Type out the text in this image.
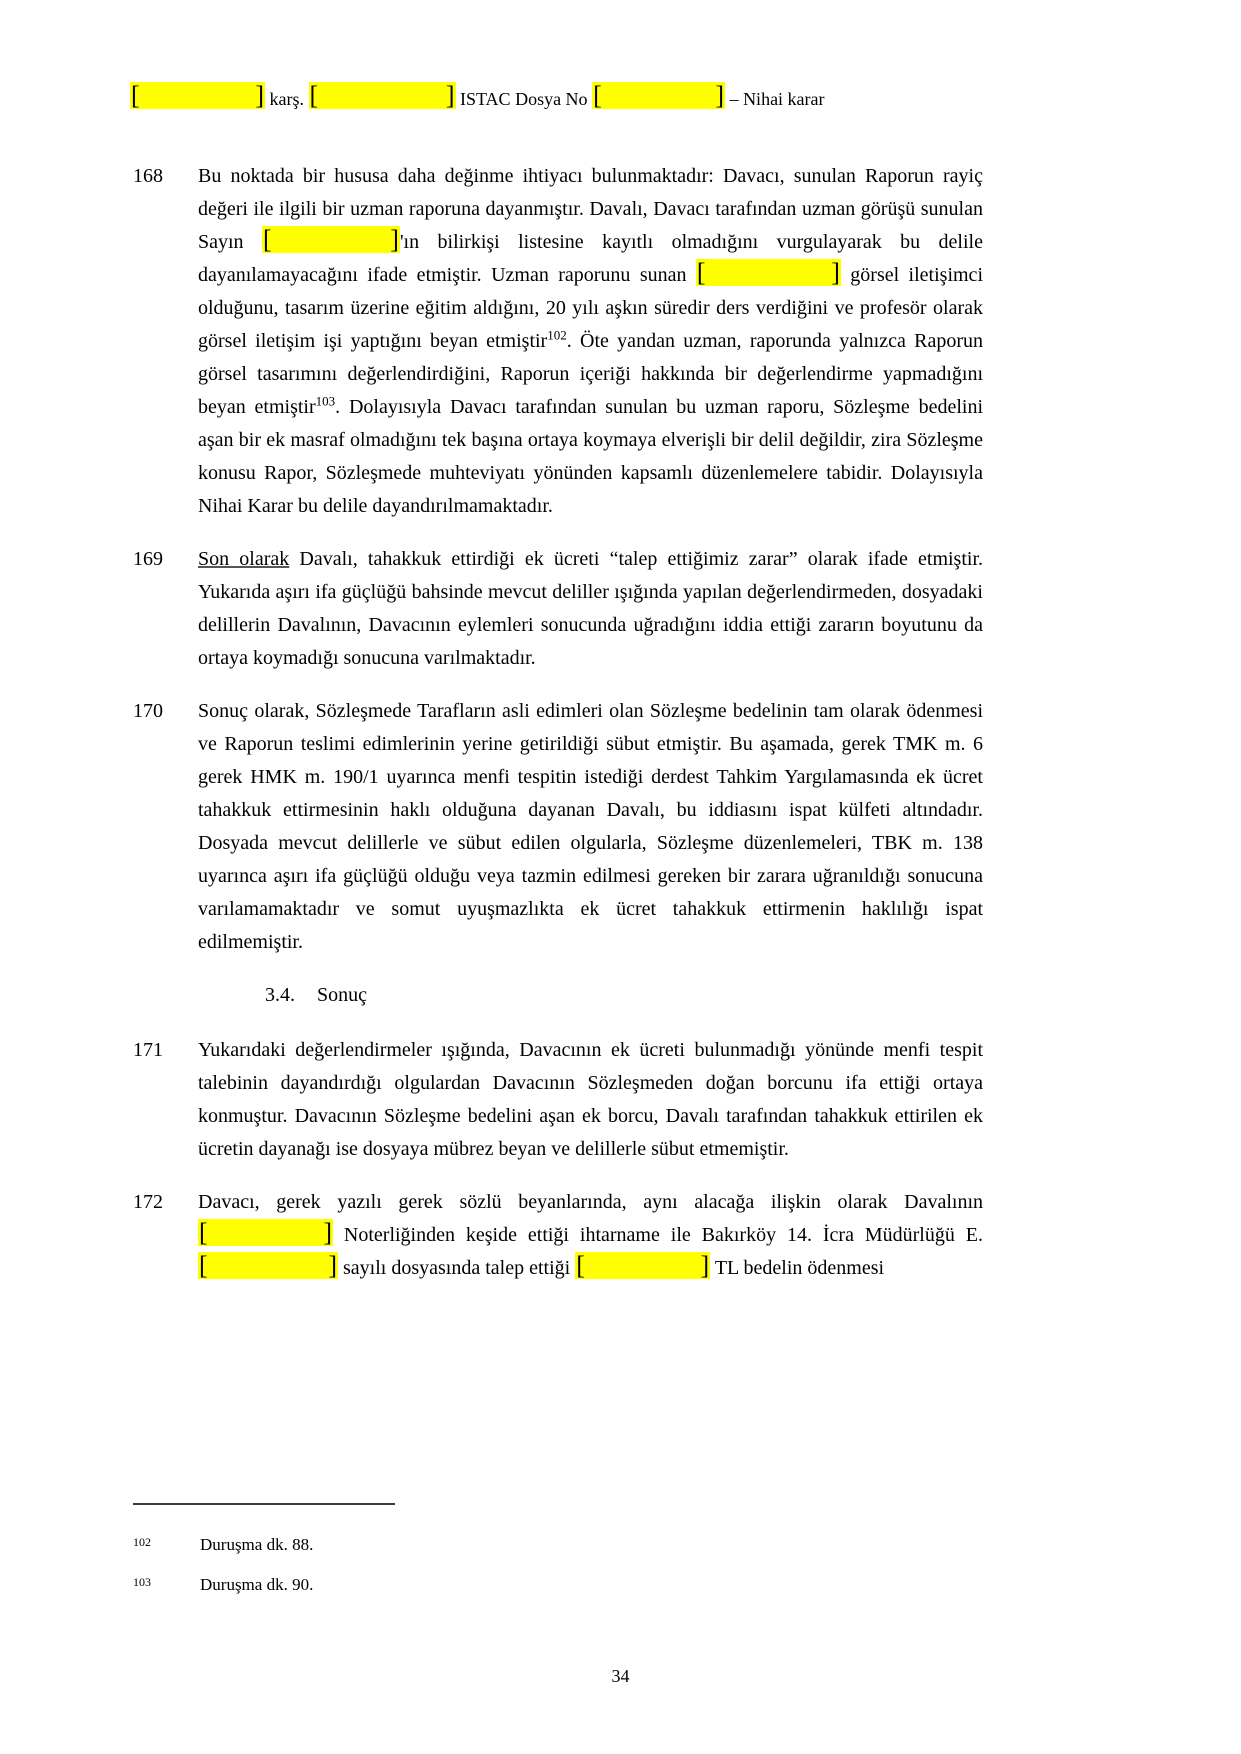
[	] karş. [	] ISTAC Dosya No [	] – Nihai karar
168	Bu noktada bir hususa daha değinme ihtiyacı bulunmaktadır: Davacı, sunulan Raporun rayiç değeri ile ilgili bir uzman raporuna dayanmıştır. Davalı, Davacı tarafından uzman görüşü sunulan Sayın [	] 'ın bilirkişi listesine kayıtlı olmadığını vurgulayarak bu delile dayanılamayacağını ifade etmiştir. Uzman raporunu sunan [	] görsel iletişimci olduğunu, tasarım üzerine eğitim aldığını, 20 yılı aşkın süredir ders verdiğini ve profesör olarak görsel iletişim işi yaptığını beyan etmiştir$^{102}$. Öte yandan uzman, raporunda yalnızca Raporun görsel tasarımını değerlendirdiğini, Raporun içeriği hakkında bir değerlendirme yapmadığını beyan etmiştir$^{103}$. Dolayısıyla Davacı tarafından sunulan bu uzman raporu, Sözleşme bedelini aşan bir ek masraf olmadığını tek başına ortaya koymaya elverişli bir delil değildir, zira Sözleşme konusu Rapor, Sözleşmede muhteviyatı yönünden kapsamlı düzenlemelere tabidir. Dolayısıyla Nihai Karar bu delile dayandırılmamaktadır.
169	Son olarak Davalı, tahakkuk ettirdiği ek ücreti “talep ettiğimiz zarar” olarak ifade etmiştir. Yukarıda aşırı ifa güçlüğü bahsinde mevcut deliller ışığında yapılan değerlendirmeden, dosyadaki delillerin Davalının, Davacının eylemleri sonucunda uğradığını iddia ettiği zararın boyutunu da ortaya koymadığı sonucuna varılmaktadır.
170	Sonuç olarak, Sözleşmede Tarafların asli edimleri olan Sözleşme bedelinin tam olarak ödenmesi ve Raporun teslimi edimlerinin yerine getirildiği sübut etmiştir. Bu aşamada, gerek TMK m. 6 gerek HMK m. 190/1 uyarınca menfi tespitin istediği derdest Tahkim Yargılamasında ek ücret tahakkuk ettirmesinin haklı olduğuna dayanan Davalı, bu iddiasını ispat külfeti altındadır. Dosyada mevcut delillerle ve sübut edilen olgularla, Sözleşme düzenlemeleri, TBK m. 138 uyarınca aşırı ifa güçlüğü olduğu veya tazmin edilmesi gereken bir zarara uğranıldığı sonucuna varılamamaktadır ve somut uyuşmazlıkta ek ücret tahakkuk ettirmenin haklılığı ispat edilmemiştir.
3.4. Sonuç
171	Yukarıdaki değerlendirmeler ışığında, Davacının ek ücreti bulunmadığı yönünde menfi tespit talebinin dayandırdığı olgulardan Davacının Sözleşmeden doğan borcunu ifa ettiği ortaya konmuştur. Davacının Sözleşme bedelini aşan ek borcu, Davalı tarafından tahakkuk ettirilen ek ücretin dayanağı ise dosyaya mübrez beyan ve delillerle sübut etmemiştir.
172	Davacı, gerek yazılı gerek sözlü beyanlarında, aynı alacağa ilişkin olarak Davalının
[	] Noterliğinden keşide ettiği ihtarname ile Bakırköy 14. İcra Müdürlüğü E.
[	] sayılı dosyasında talep ettiği [	] TL bedelin ödenmesi
102	Duruşma dk. 88.
103	Duruşma dk. 90.
34
